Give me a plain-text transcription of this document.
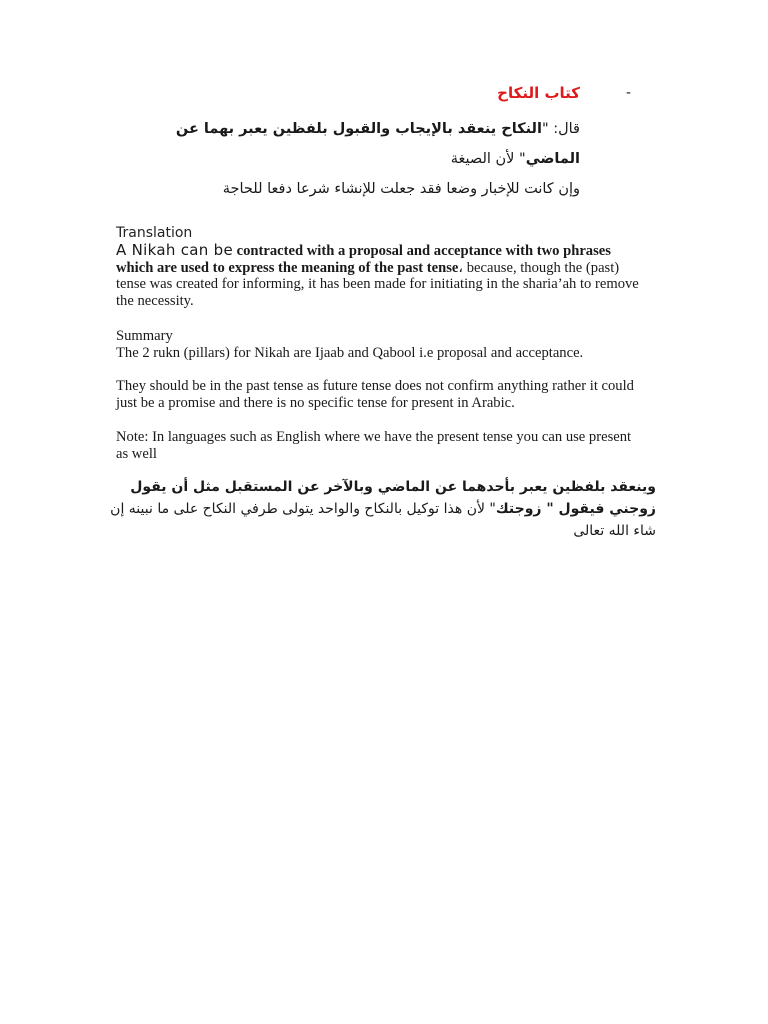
-
كتاب النكاح
قال: "النكاح ينعقد بالإيجاب والقبول بلفظين يعبر بهما عن الماضي" لأن الصيغة
وإن كانت للإخبار وضعا فقد جعلت للإنشاء شرعا دفعا للحاجة
Translation
A Nikah can be contracted with a proposal and acceptance with two phrases which are used to express the meaning of the past tense، because, though the (past) tense was created for informing, it has been made for initiating in the sharia’ah to remove the necessity.
Summary
The 2 rukn (pillars) for Nikah are Ijaab and Qabool i.e proposal and acceptance.
They should be in the past tense as future tense does not confirm anything rather it could just be a promise and there is no specific tense for present in Arabic.
Note: In languages such as English where we have the present tense you can use present as well
وينعقد بلفظين يعبر بأحدهما عن الماضي وبالآخر عن المستقبل مثل أن يقول زوجني فيقول " زوجتك" لأن هذا توكيل بالنكاح والواحد يتولى طرفي النكاح على ما نبينه إن شاء الله تعالى
